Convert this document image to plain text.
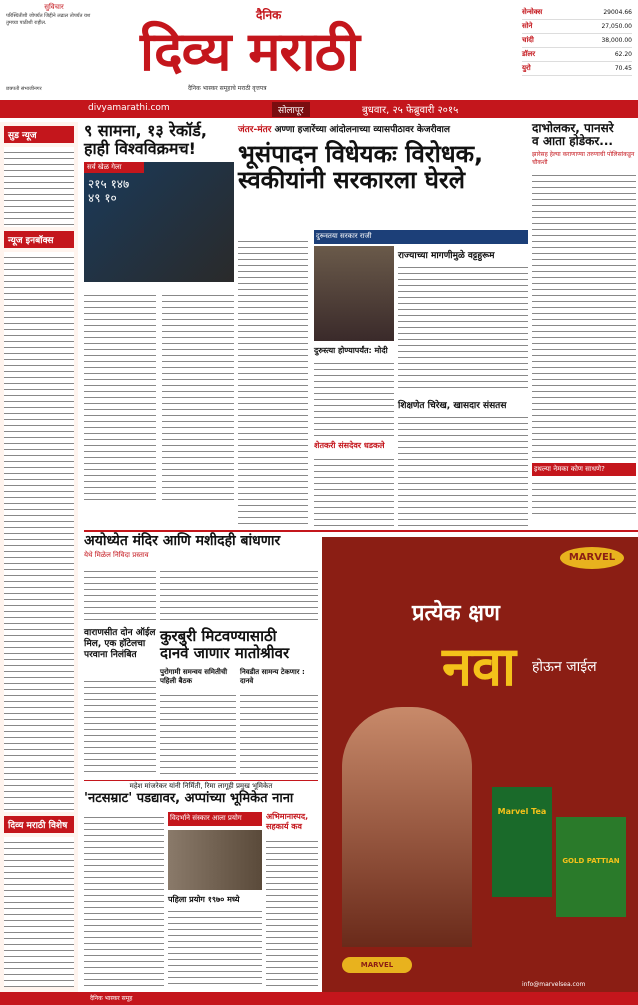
सुविचार
परिस्थितीशी जोपर्यंत जिद्दीने लढाल तोपर्यंत यश तुमच्या पाठीशी राहील.
छत्रपती संभाजीनगर
दैनिक
दिव्य मराठी
दैनिक भास्कर समूहाचे मराठी वृत्तपत्र
सेन्सेक्स	29004.66
सोने	27,050.00
चांदी	38,000.00
डॉलर	62.20
युरो	70.45
divyamarathi.com	सोलापूर	बुधवार, २५ फेब्रुवारी २०१५
सुड न्यूज
न्यूज इनबॉक्स
दिव्य मराठी विशेष
९ सामना, १३ रेकॉर्ड,
हाही विश्वविक्रमच!
सर्व खेळ गेला
२१५ १४७
४९ १०
जंतर-मंतर अण्णा हजारेंच्या आंदोलनाच्या व्यासपीठावर केजरीवाल
भूसंपादन विधेयकः विरोधक,
स्वकीयांनी सरकारला घेरले
दुरूस्तया सरकार राजी
दुरुस्त्या होण्यापर्यंत: मोदी
शेतकरी संसदेवर धडकले
राज्याच्या मागणीमुळे वट्टहुरूम
शिक्षणेत चिरेख, खासदार संसतस
दाभोलकर, पानसरे
व आता होडेकर...
झारेसह हेल्या कराणाण्या तरुणाची पोलिसांकडून चौकशी
इथल्या नेमका कोण साधणे?
अयोध्येत मंदिर आणि मशीदही बांधणार
येथे मिळेल निविदा प्रस्ताव
वाराणसीत दोन ऑईल मिल, एक हॉटेलचा परवाना निलंबित
कुरबुरी मिटवण्यासाठी
दानवे जाणार मातोश्रीवर
पुरोगामी समन्वय समितीची पहिली बैठक
निवडीत सामन्य टेकणार : दानवे
महेश मांजरेकर यांनी निर्मिती, रिमा लागूही प्रमुख भूमिकेत
'नटसम्राट' पडद्यावर, अप्पांच्या भूमिकेत नाना
विदर्भाने संस्कार आला प्रयोग
पहिला प्रयोग १९७० मध्ये
अभिमानास्पद, सहकार्य कव
MARVEL
प्रत्येक क्षण
नवा होऊन जाईल
Marvel Tea
GOLD PATTIAN
MARVEL
info@marvelsea.com
दैनिक भास्कर समूह
